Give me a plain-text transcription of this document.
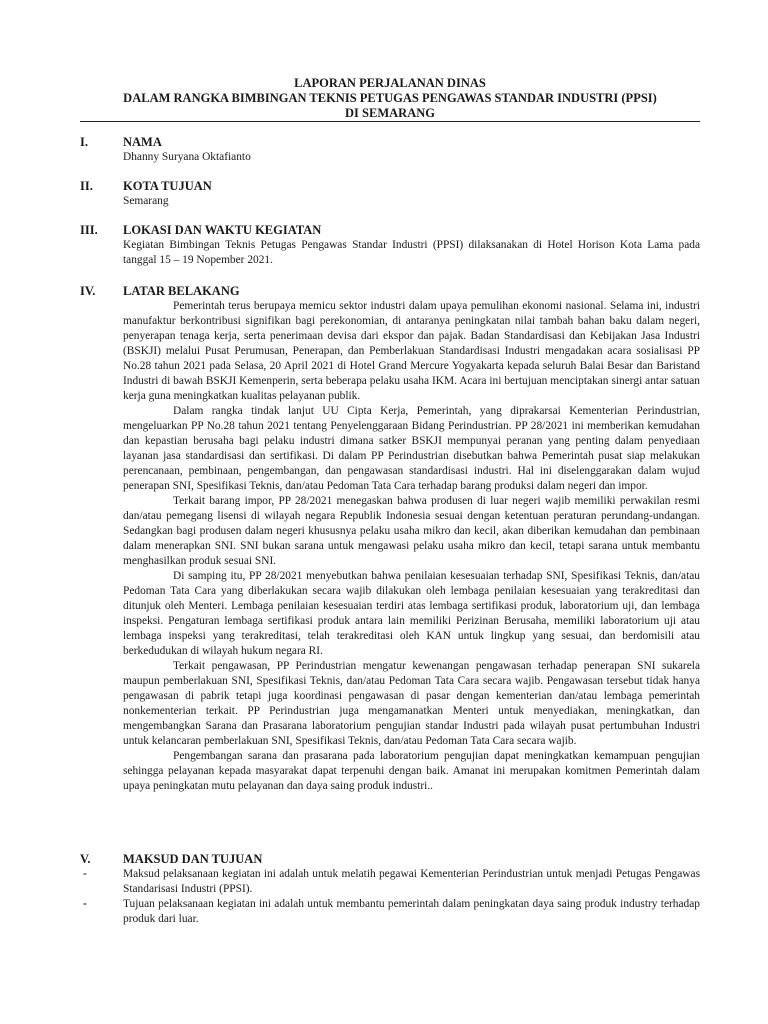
LAPORAN PERJALANAN DINAS
DALAM RANGKA BIMBINGAN TEKNIS PETUGAS PENGAWAS STANDAR INDUSTRI (PPSI)
DI SEMARANG
I.	NAMA
Dhanny Suryana Oktafianto
II. KOTA TUJUAN
Semarang
III. LOKASI DAN WAKTU KEGIATAN
Kegiatan Bimbingan Teknis Petugas Pengawas Standar Industri (PPSI) dilaksanakan di Hotel Horison Kota Lama pada tanggal 15 – 19 Nopember 2021.
IV. LATAR BELAKANG
Pemerintah terus berupaya memicu sektor industri dalam upaya pemulihan ekonomi nasional. Selama ini, industri manufaktur berkontribusi signifikan bagi perekonomian, di antaranya peningkatan nilai tambah bahan baku dalam negeri, penyerapan tenaga kerja, serta penerimaan devisa dari ekspor dan pajak. Badan Standardisasi dan Kebijakan Jasa Industri (BSKJI) melalui Pusat Perumusan, Penerapan, dan Pemberlakuan Standardisasi Industri mengadakan acara sosialisasi PP No.28 tahun 2021 pada Selasa, 20 April 2021 di Hotel Grand Mercure Yogyakarta kepada seluruh Balai Besar dan Baristand Industri di bawah BSKJI Kemenperin, serta beberapa pelaku usaha IKM. Acara ini bertujuan menciptakan sinergi antar satuan kerja guna meningkatkan kualitas pelayanan publik.
Dalam rangka tindak lanjut UU Cipta Kerja, Pemerintah, yang diprakarsai Kementerian Perindustrian, mengeluarkan PP No.28 tahun 2021 tentang Penyelenggaraan Bidang Perindustrian. PP 28/2021 ini memberikan kemudahan dan kepastian berusaha bagi pelaku industri dimana satker BSKJI mempunyai peranan yang penting dalam penyediaan layanan jasa standardisasi dan sertifikasi. Di dalam PP Perindustrian disebutkan bahwa Pemerintah pusat siap melakukan perencanaan, pembinaan, pengembangan, dan pengawasan standardisasi industri. Hal ini diselenggarakan dalam wujud penerapan SNI, Spesifikasi Teknis, dan/atau Pedoman Tata Cara terhadap barang produksi dalam negeri dan impor.
Terkait barang impor, PP 28/2021 menegaskan bahwa produsen di luar negeri wajib memiliki perwakilan resmi dan/atau pemegang lisensi di wilayah negara Republik Indonesia sesuai dengan ketentuan peraturan perundang-undangan. Sedangkan bagi produsen dalam negeri khususnya pelaku usaha mikro dan kecil, akan diberikan kemudahan dan pembinaan dalam menerapkan SNI. SNI bukan sarana untuk mengawasi pelaku usaha mikro dan kecil, tetapi sarana untuk membantu menghasilkan produk sesuai SNI.
Di samping itu, PP 28/2021 menyebutkan bahwa penilaian kesesuaian terhadap SNI, Spesifikasi Teknis, dan/atau Pedoman Tata Cara yang diberlakukan secara wajib dilakukan oleh lembaga penilaian kesesuaian yang terakreditasi dan ditunjuk oleh Menteri. Lembaga penilaian kesesuaian terdiri atas lembaga sertifikasi produk, laboratorium uji, dan lembaga inspeksi. Pengaturan lembaga sertifikasi produk antara lain memiliki Perizinan Berusaha, memiliki laboratorium uji atau lembaga inspeksi yang terakreditasi, telah terakreditasi oleh KAN untuk lingkup yang sesuai, dan berdomisili atau berkedudukan di wilayah hukum negara RI.
Terkait pengawasan, PP Perindustrian mengatur kewenangan pengawasan terhadap penerapan SNI sukarela maupun pemberlakuan SNI, Spesifikasi Teknis, dan/atau Pedoman Tata Cara secara wajib. Pengawasan tersebut tidak hanya pengawasan di pabrik tetapi juga koordinasi pengawasan di pasar dengan kementerian dan/atau lembaga pemerintah nonkementerian terkait. PP Perindustrian juga mengamanatkan Menteri untuk menyediakan, meningkatkan, dan mengembangkan Sarana dan Prasarana laboratorium pengujian standar Industri pada wilayah pusat pertumbuhan Industri untuk kelancaran pemberlakuan SNI, Spesifikasi Teknis, dan/atau Pedoman Tata Cara secara wajib.
Pengembangan sarana dan prasarana pada laboratorium pengujian dapat meningkatkan kemampuan pengujian sehingga pelayanan kepada masyarakat dapat terpenuhi dengan baik. Amanat ini merupakan komitmen Pemerintah dalam upaya peningkatan mutu pelayanan dan daya saing produk industri..
V.	MAKSUD DAN TUJUAN
-	Maksud pelaksanaan kegiatan ini adalah untuk melatih pegawai Kementerian Perindustrian untuk menjadi Petugas Pengawas Standarisasi Industri (PPSI).
-	Tujuan pelaksanaan kegiatan ini adalah untuk membantu pemerintah dalam peningkatan daya saing produk industry terhadap produk dari luar.
